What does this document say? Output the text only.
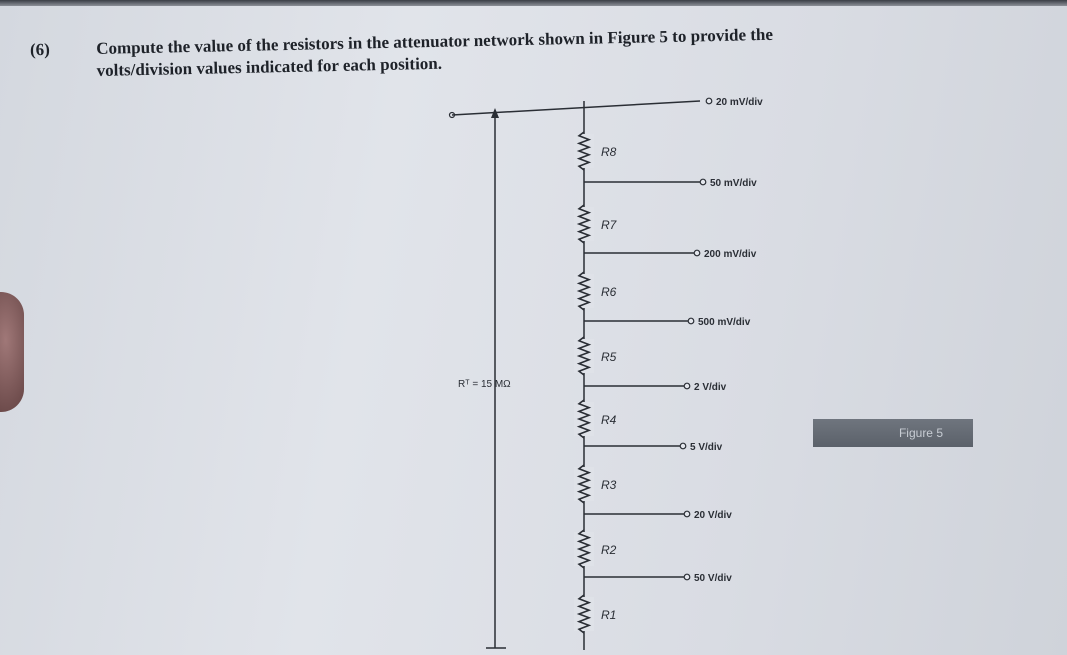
(6)	Compute the value of the resistors in the attenuator network shown in Figure 5 to provide the
volts/division values indicated for each position.
20 mV/div
50 mV/div
200 mV/div
500 mV/div
2 V/div
5 V/div
20 V/div
50 V/div
R8
R7
R6
R5
R4
R3
R2
R1
Rᵀ = 15 MΩ
Figure 5
